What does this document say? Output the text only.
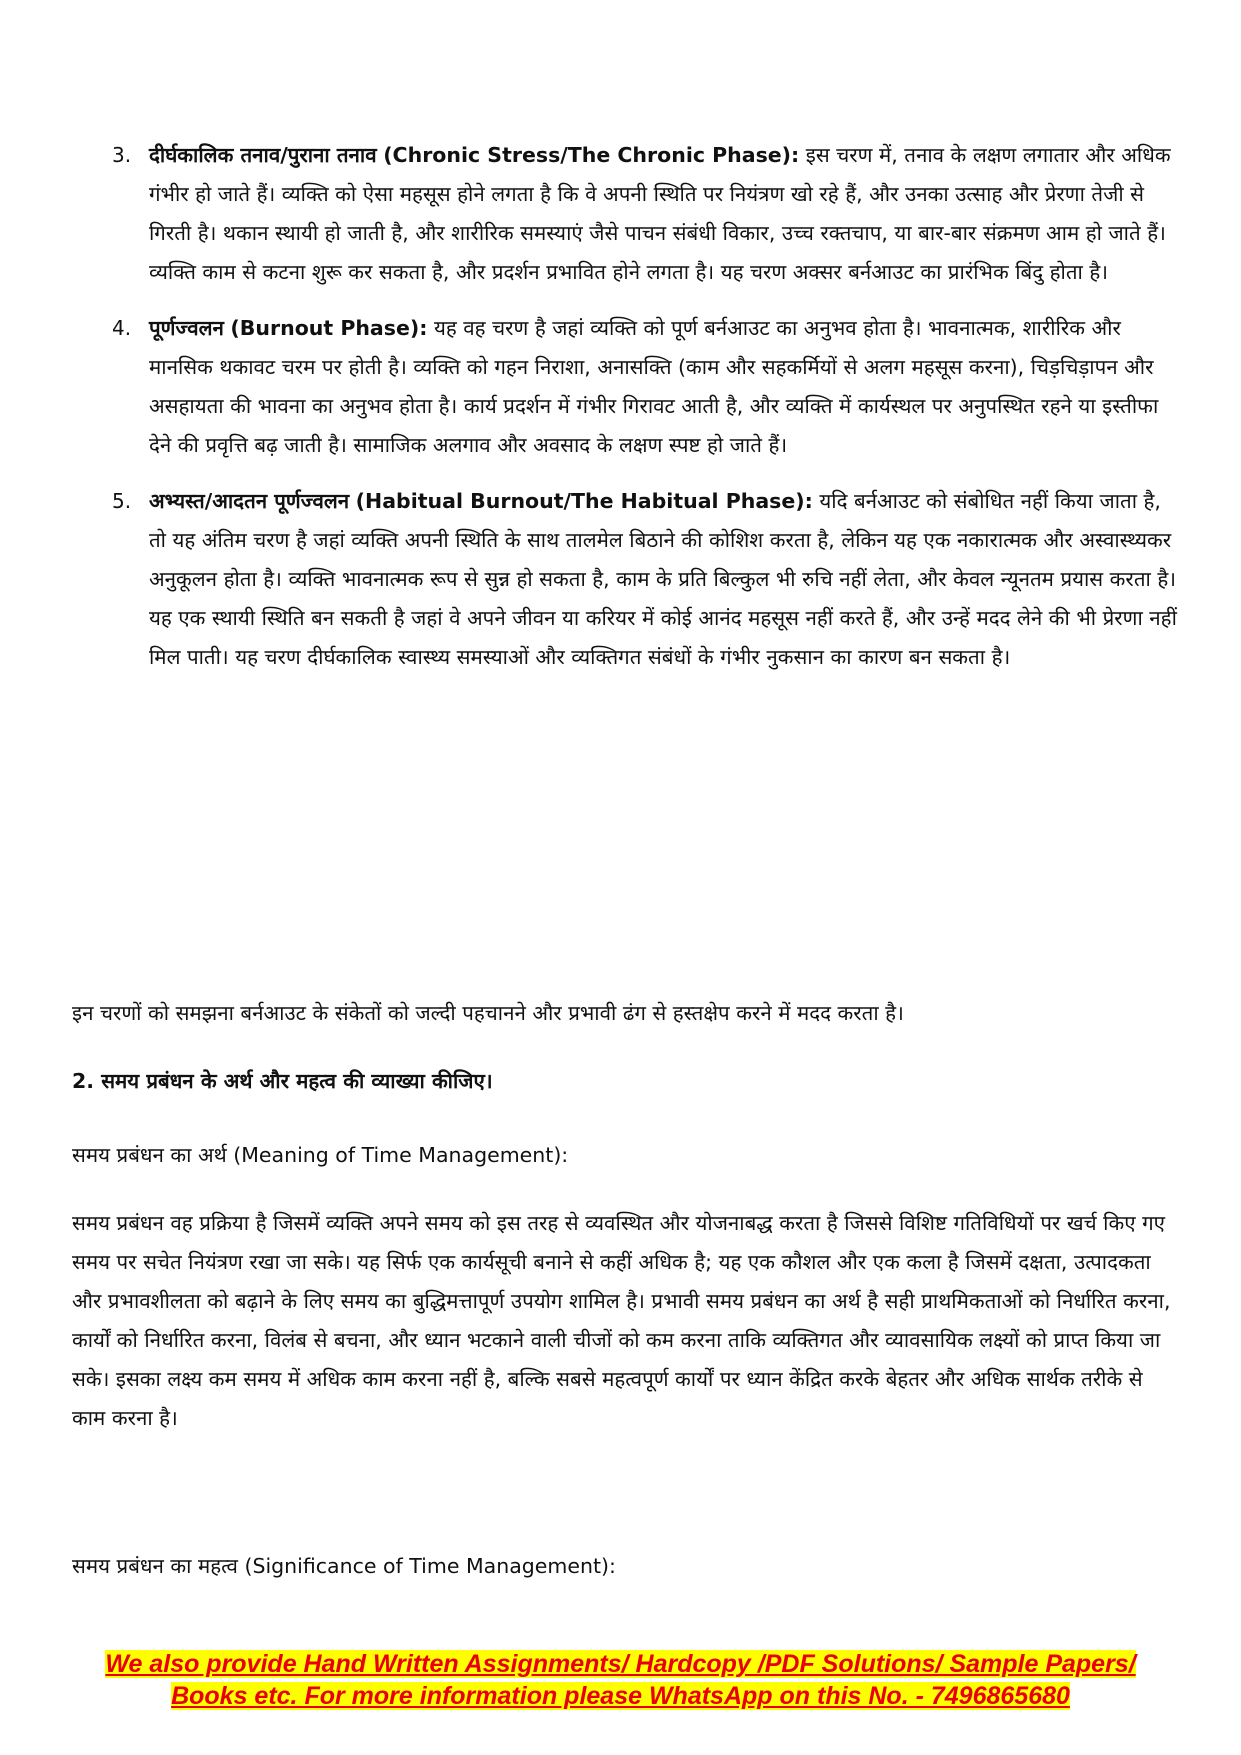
3. दीर्घकालिक तनाव/पुराना तनाव (Chronic Stress/The Chronic Phase): इस चरण में, तनाव के लक्षण लगातार और अधिक गंभीर हो जाते हैं। व्यक्ति को ऐसा महसूस होने लगता है कि वे अपनी स्थिति पर नियंत्रण खो रहे हैं, और उनका उत्साह और प्रेरणा तेजी से गिरती है। थकान स्थायी हो जाती है, और शारीरिक समस्याएं जैसे पाचन संबंधी विकार, उच्च रक्तचाप, या बार-बार संक्रमण आम हो जाते हैं। व्यक्ति काम से कटना शुरू कर सकता है, और प्रदर्शन प्रभावित होने लगता है। यह चरण अक्सर बर्नआउट का प्रारंभिक बिंदु होता है।

4. पूर्णज्वलन (Burnout Phase): यह वह चरण है जहां व्यक्ति को पूर्ण बर्नआउट का अनुभव होता है। भावनात्मक, शारीरिक और मानसिक थकावट चरम पर होती है। व्यक्ति को गहन निराशा, अनासक्ति (काम और सहकर्मियों से अलग महसूस करना), चिड़चिड़ापन और असहायता की भावना का अनुभव होता है। कार्य प्रदर्शन में गंभीर गिरावट आती है, और व्यक्ति में कार्यस्थल पर अनुपस्थित रहने या इस्तीफा देने की प्रवृत्ति बढ़ जाती है। सामाजिक अलगाव और अवसाद के लक्षण स्पष्ट हो जाते हैं।

5. अभ्यस्त/आदतन पूर्णज्वलन (Habitual Burnout/The Habitual Phase): यदि बर्नआउट को संबोधित नहीं किया जाता है, तो यह अंतिम चरण है जहां व्यक्ति अपनी स्थिति के साथ तालमेल बिठाने की कोशिश करता है, लेकिन यह एक नकारात्मक और अस्वास्थ्यकर अनुकूलन होता है। व्यक्ति भावनात्मक रूप से सुन्न हो सकता है, काम के प्रति बिल्कुल भी रुचि नहीं लेता, और केवल न्यूनतम प्रयास करता है। यह एक स्थायी स्थिति बन सकती है जहां वे अपने जीवन या करियर में कोई आनंद महसूस नहीं करते हैं, और उन्हें मदद लेने की भी प्रेरणा नहीं मिल पाती। यह चरण दीर्घकालिक स्वास्थ्य समस्याओं और व्यक्तिगत संबंधों के गंभीर नुकसान का कारण बन सकता है।

इन चरणों को समझना बर्नआउट के संकेतों को जल्दी पहचानने और प्रभावी ढंग से हस्तक्षेप करने में मदद करता है।

2. समय प्रबंधन के अर्थ और महत्व की व्याख्या कीजिए।

समय प्रबंधन का अर्थ (Meaning of Time Management):

समय प्रबंधन वह प्रक्रिया है जिसमें व्यक्ति अपने समय को इस तरह से व्यवस्थित और योजनाबद्ध करता है जिससे विशिष्ट गतिविधियों पर खर्च किए गए समय पर सचेत नियंत्रण रखा जा सके। यह सिर्फ एक कार्यसूची बनाने से कहीं अधिक है; यह एक कौशल और एक कला है जिसमें दक्षता, उत्पादकता और प्रभावशीलता को बढ़ाने के लिए समय का बुद्धिमत्तापूर्ण उपयोग शामिल है। प्रभावी समय प्रबंधन का अर्थ है सही प्राथमिकताओं को निर्धारित करना, कार्यों को निर्धारित करना, विलंब से बचना, और ध्यान भटकाने वाली चीजों को कम करना ताकि व्यक्तिगत और व्यावसायिक लक्ष्यों को प्राप्त किया जा सके। इसका लक्ष्य कम समय में अधिक काम करना नहीं है, बल्कि सबसे महत्वपूर्ण कार्यों पर ध्यान केंद्रित करके बेहतर और अधिक सार्थक तरीके से काम करना है।

समय प्रबंधन का महत्व (Significance of Time Management):

We also provide Hand Written Assignments/ Hardcopy /PDF Solutions/ Sample Papers/
Books etc. For more information please WhatsApp on this No. - 7496865680
